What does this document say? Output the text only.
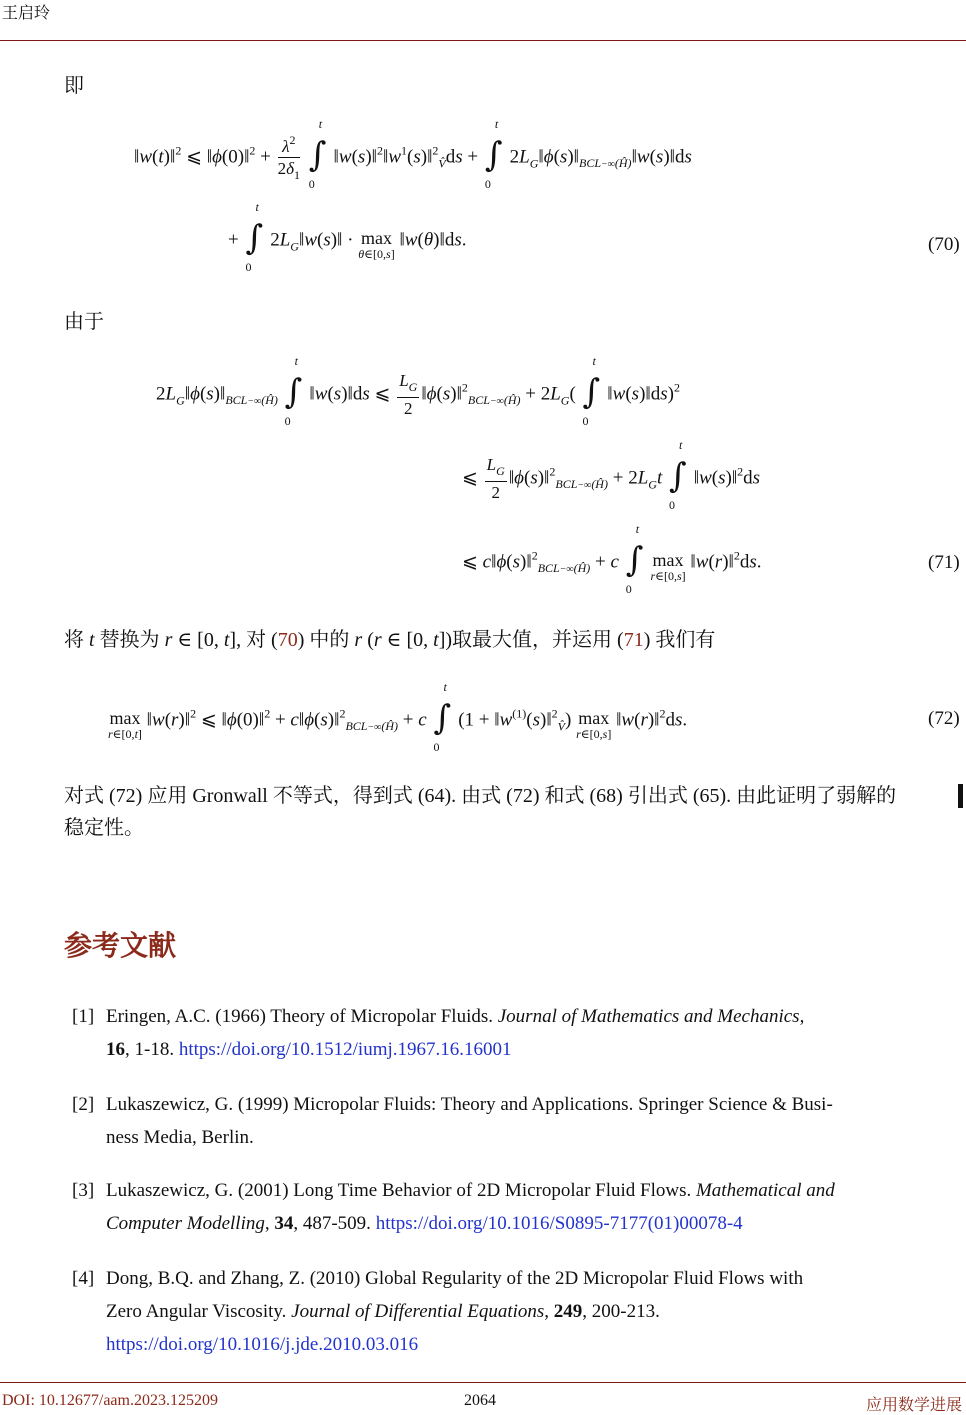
王启玲
即
‖w(t)‖$^2$ ⩽ ‖ϕ(0)‖$^2$ + $\frac{\lambda^2}{2\delta_1}$
∫
t
0
$‖w(s)‖^2‖w^1(s)‖^2_{V̂}ds$ + ∫
t
0
$2L_G‖\phi(s)‖_{BCL-\infty(Ĥ)}‖w(s)‖ds$
+ ∫
t
0
$2L_G‖w(s)‖ \cdot \max$
θ∈[0,s]
‖w(θ)‖ds.	(70)
由于
$2L_G‖\phi(s)‖_{BCL-\infty(Ĥ)}$ ∫
t
0
‖w(s)‖ds ⩽ $\frac{L_G}{2}$ ‖ϕ(s)‖$^2_{BCL-\infty(Ĥ)}$ + $2L_G$( ∫
t
0
‖w(s)‖ds)$^2$
⩽ $\frac{L_G}{2}$ ‖ϕ(s)‖$^2_{BCL-\infty(Ĥ)}$ + $2L_Gt$ ∫
t
0
‖w(s)‖$^2$ds
⩽ c‖ϕ(s)‖$^2_{BCL-\infty(Ĥ)}$ + c ∫
t
0

max
r∈[0,s]
‖w(r)‖$^2$ds.	(71)
将 t 替换为 r ∈ [0, t], 对 (70) 中的 r (r ∈ [0, t])取最大值，并运用 (71) 我们有
max
r∈[0,t]
‖w(r)‖$^2$ ⩽ ‖ϕ(0)‖$^2$ + c‖ϕ(s)‖$^2_{BCL-\infty(Ĥ)}$ + c ∫
t
0
$(1 + ‖w^{(1)}(s)‖^2_{V̂})$ max
r∈[0,s]
‖w(r)‖$^2$ds.	(72)
对式 (72) 应用 Gronwall 不等式，得到式 (64). 由式 (72) 和式 (68) 引出式 (65). 由此证明了弱解的
稳定性。
参考文献
[1] Eringen, A.C. (1966) Theory of Micropolar Fluids. Journal of Mathematics and Mechanics,
16, 1-18. https://doi.org/10.1512/iumj.1967.16.16001
[2] Lukaszewicz, G. (1999) Micropolar Fluids: Theory and Applications. Springer Science & Busi-
ness Media, Berlin.
[3] Lukaszewicz, G. (2001) Long Time Behavior of 2D Micropolar Fluid Flows. Mathematical and
Computer Modelling, 34, 487-509. https://doi.org/10.1016/S0895-7177(01)00078-4
[4] Dong, B.Q. and Zhang, Z. (2010) Global Regularity of the 2D Micropolar Fluid Flows with
Zero Angular Viscosity. Journal of Differential Equations, 249, 200-213.
https://doi.org/10.1016/j.jde.2010.03.016
DOI: 10.12677/aam.2023.125209	2064	应用数学进展
